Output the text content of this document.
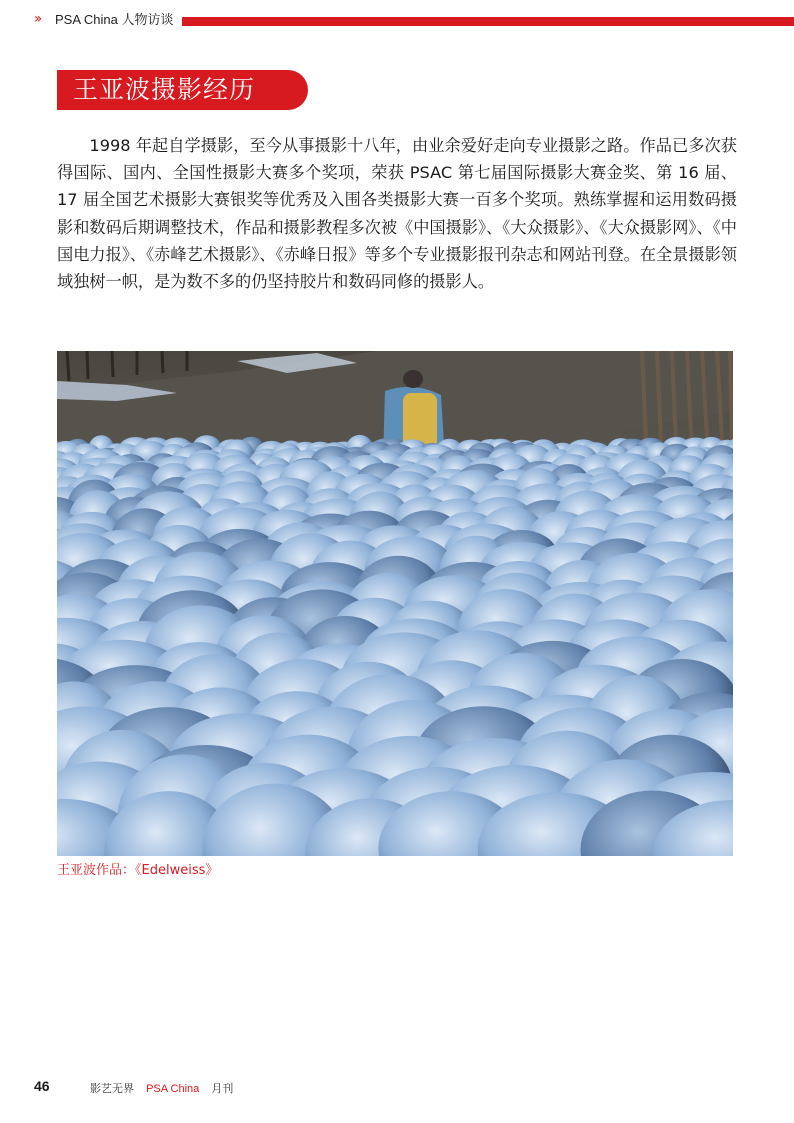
›› PSA China 人物访谈
王亚波摄影经历

1998 年起自学摄影，至今从事摄影十八年，由业余爱好走向专业摄影之路。作品已多次获得国际、国内、全国性摄影大赛多个奖项，荣获 PSAC 第七届国际摄影大赛金奖、第 16 届、17 届全国艺术摄影大赛银奖等优秀及入围各类摄影大赛一百多个奖项。熟练掌握和运用数码摄影和数码后期调整技术，作品和摄影教程多次被《中国摄影》、《大众摄影》、《大众摄影网》、《中国电力报》、《赤峰艺术摄影》、《赤峰日报》等多个专业摄影报刊杂志和网站刊登。在全景摄影领域独树一帜，是为数不多的仍坚持胶片和数码同修的摄影人。

王亚波作品：《Edelweiss》
46	影艺无界 PSA China 月刊
